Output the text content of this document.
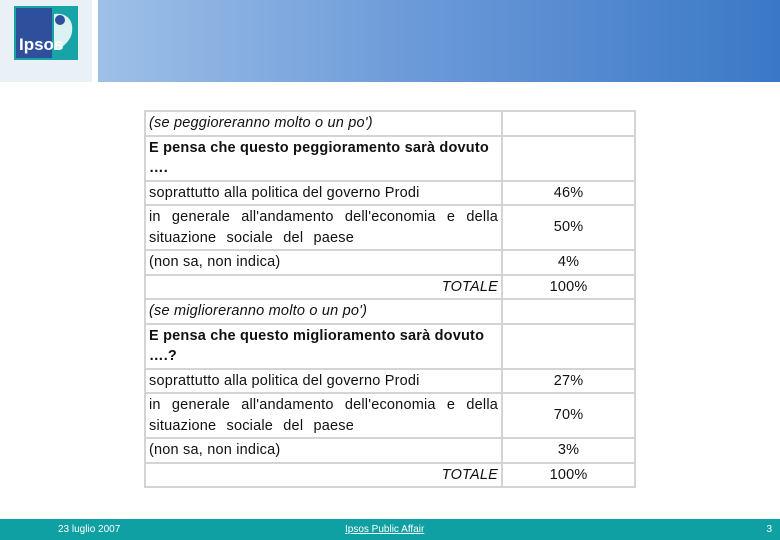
Ipsos
(se peggioreranno molto o un po')	
E pensa che questo peggioramento sarà dovuto ….	
soprattutto alla politica del governo Prodi	46%
in generale all'andamento dell'economia e della situazione sociale del paese	50%
(non sa, non indica)	4%
TOTALE	100%
(se miglioreranno molto o un po')	
E pensa che questo miglioramento sarà dovuto ….?	
soprattutto alla politica del governo Prodi	27%
in generale all'andamento dell'economia e della situazione sociale del paese	70%
(non sa, non indica)	3%
TOTALE	100%
23 luglio 2007	Ipsos Public Affair	3
